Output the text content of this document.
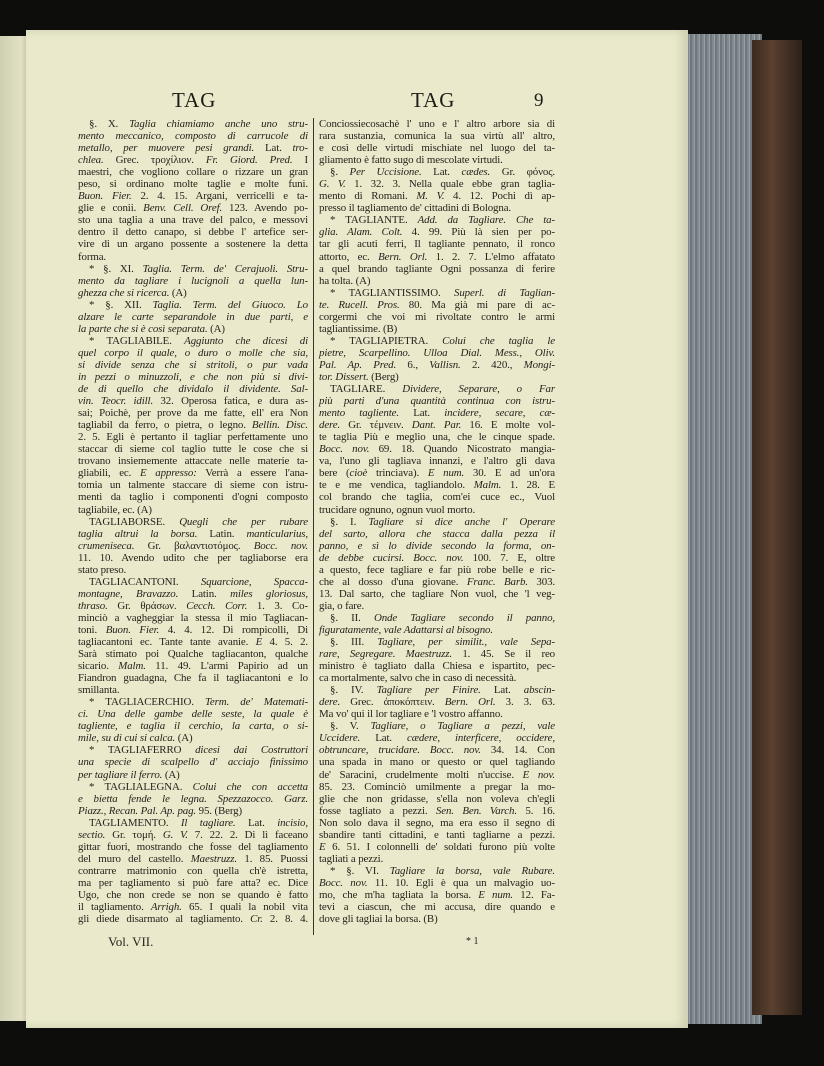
TAG	TAG	9
§. X. Taglia chiamiamo anche uno stru-
mento meccanico, composto di carrucole di
metallo, per muovere pesi grandi. Lat. tro-
chlea. Grec. τροχίλιον. Fr. Giord. Pred. I
maestri, che vogliono collare o rizzare un gran
peso, si ordinano molte taglie e molte funi.
Buon. Fier. 2. 4. 15. Argani, verricelli e ta-
glie e conii. Benv. Cell. Oref. 123. Avendo po-
sto una taglia a una trave del palco, e messovi
dentro il detto canapo, si debbe l' artefice ser-
vire di un argano possente a sostenere la detta
forma.
* §. XI. Taglia. Term. de' Cerajuoli. Stru-
mento da tagliare i lucignoli a quella lun-
ghezza che si ricerca. (A)
* §. XII. Taglia. Term. del Giuoco. Lo
alzare le carte separandole in due parti, e
la parte che si è così separata. (A)
* TAGLIABILE. Aggiunto che dicesi di
quel corpo il quale, o duro o molle che sia,
si divide senza che si stritoli, o pur vada
in pezzi o minuzzoli, e che non più si divi-
de di quello che dividalo il dividente. Sal-
vin. Teocr. idill. 32. Operosa fatica, e dura as-
sai; Poichè, per prove da me fatte, ell' era Non
tagliabil da ferro, o pietra, o legno. Bellin. Disc.
2. 5. Egli è pertanto il tagliar perfettamente uno
staccar di sieme col taglio tutte le cose che si
trovano insiememente attaccate nelle materie ta-
gliabili, ec. E appresso: Verrà a essere l'ana-
tomia un talmente staccare di sieme con istru-
menti da taglio i componenti d'ogni composto
tagliabile, ec. (A)
TAGLIABORSE. Quegli che per rubare
taglia altrui la borsa. Latin. manticularius,
crumeniseca. Gr. βαλαντιοτόμος. Bocc. nov.
11. 10. Avendo udito che per tagliaborse era
stato preso.
TAGLIACANTONI. Squarcione, Spacca-
montagne, Bravazzo. Latin. miles gloriosus,
thraso. Gr. θράσων. Cecch. Corr. 1. 3. Co-
minciò a vagheggiar la stessa il mio Tagliacan-
toni. Buon. Fier. 4. 4. 12. Di rompicolli, Di
tagliacantoni ec. Tante tante avanie. E 4. 5. 2.
Sarà stimato poi Qualche tagliacanton, qualche
sicario. Malm. 11. 49. L'armi Papirio ad un
Fiandron guadagna, Che fa il tagliacantoni e lo
smillanta.
* TAGLIACERCHIO. Term. de' Matemati-
ci. Una delle gambe delle seste, la quale è
tagliente, e taglia il cerchio, la carta, o si-
mile, su di cui si calca. (A)
* TAGLIAFERRO dicesi dai Costruttori
una specie di scalpello d' acciajo finissimo
per tagliare il ferro. (A)
* TAGLIALEGNA. Colui che con accetta
e bietta fende le legna. Spezzazocco. Garz.
Piazz., Recan. Pal. Ap. pag. 95. (Berg)
TAGLIAMENTO. Il tagliare. Lat. incisio,
sectio. Gr. τομή. G. V. 7. 22. 2. Di lì faceano
gittar fuori, mostrando che fosse del tagliamento
del muro del castello. Maestruzz. 1. 85. Puossi
contrarre matrimonio con quella ch'è istretta,
ma per tagliamento si può fare atta? ec. Dice
Ugo, che non crede se non se quando è fatto
il tagliamento. Arrigh. 65. I quali la nobil vita
gli diede disarmato al tagliamento. Cr. 2. 8. 4.
Conciossiecosachè l' uno e l' altro arbore sia di
rara sustanzia, comunica la sua virtù all' altro,
e così delle virtudi mischiate nel luogo del ta-
gliamento è fatto sugo di mescolate virtudi.
§. Per Uccisione. Lat. cædes. Gr. φόνος.
G. V. 1. 32. 3. Nella quale ebbe gran taglia-
mento di Romani. M. V. 4. 12. Pochi dì ap-
presso il tagliamento de' cittadini di Bologna.
* TAGLIANTE. Add. da Tagliare. Che ta-
glia. Alam. Colt. 4. 99. Più là sien per po-
tar gli acuti ferri, Il tagliante pennato, il ronco
attorto, ec. Bern. Orl. 1. 2. 7. L'elmo affatato
a quel brando tagliante Ogni possanza di ferire
ha tolta. (A)
* TAGLIANTISSIMO. Superl. di Taglian-
te. Rucell. Pros. 80. Ma già mi pare di ac-
corgermi che voi mi rivoltate contro le armi
tagliantissime. (B)
* TAGLIAPIETRA. Colui che taglia le
pietre, Scarpellino. Ulloa Dial. Mess., Oliv.
Pal. Ap. Pred. 6., Vallisn. 2. 420., Mongi-
tor. Dissert. (Berg)
TAGLIARE. Dividere, Separare, o Far
più parti d'una quantità continua con istru-
mento tagliente. Lat. incidere, secare, cæ-
dere. Gr. τέμνειν. Dant. Par. 16. E molte vol-
te taglia Più e meglio una, che le cinque spade.
Bocc. nov. 69. 18. Quando Nicostrato mangia-
va, l'uno gli tagliava innanzi, e l'altro gli dava
bere (cioè trinciava). E num. 30. E ad un'ora
te e me vendica, tagliandolo. Malm. 1. 28. E
col brando che taglia, com'ei cuce ec., Vuol
trucidare ognuno, ognun vuol morto.
§. I. Tagliare si dice anche l' Operare
del sarto, allora che stacca dalla pezza il
panno, e sì lo divide secondo la forma, on-
de debbe cucirsi. Bocc. nov. 100. 7. E, oltre
a questo, fece tagliare e far più robe belle e ric-
che al dosso d'una giovane. Franc. Barb. 303.
13. Dal sarto, che tagliare Non vuol, che 'l veg-
gia, o fare.
§. II. Onde Tagliare secondo il panno,
figuratamente, vale Adattarsi al bisogno.
§. III. Tagliare, per similit., vale Sepa-
rare, Segregare. Maestruzz. 1. 45. Se il reo
ministro è tagliato dalla Chiesa e ispartito, pec-
ca mortalmente, salvo che in caso di necessità.
§. IV. Tagliare per Finire. Lat. abscin-
dere. Grec. ἀποκόπτειν. Bern. Orl. 3. 3. 63.
Ma vo' qui il lor tagliare e 'l vostro affanno.
§. V. Tagliare, o Tagliare a pezzi, vale
Uccidere. Lat. cædere, interficere, occidere,
obtruncare, trucidare. Bocc. nov. 34. 14. Con
una spada in mano or questo or quel tagliando
de' Saracini, crudelmente molti n'uccise. E nov.
85. 23. Cominciò umilmente a pregar la mo-
glie che non gridasse, s'ella non voleva ch'egli
fosse tagliato a pezzi. Sen. Ben. Varch. 5. 16.
Non solo dava il segno, ma era esso il segno di
sbandire tanti cittadini, e tanti tagliarne a pezzi.
E 6. 51. I colonnelli de' soldati furono più volte
tagliati a pezzi.
* §. VI. Tagliare la borsa, vale Rubare.
Bocc. nov. 11. 10. Egli è qua un malvagio uo-
mo, che m'ha tagliata la borsa. E num. 12. Fa-
tevi a ciascun, che mi accusa, dire quando e
dove gli tagliai la borsa. (B)
Vol. VII.	* 1
